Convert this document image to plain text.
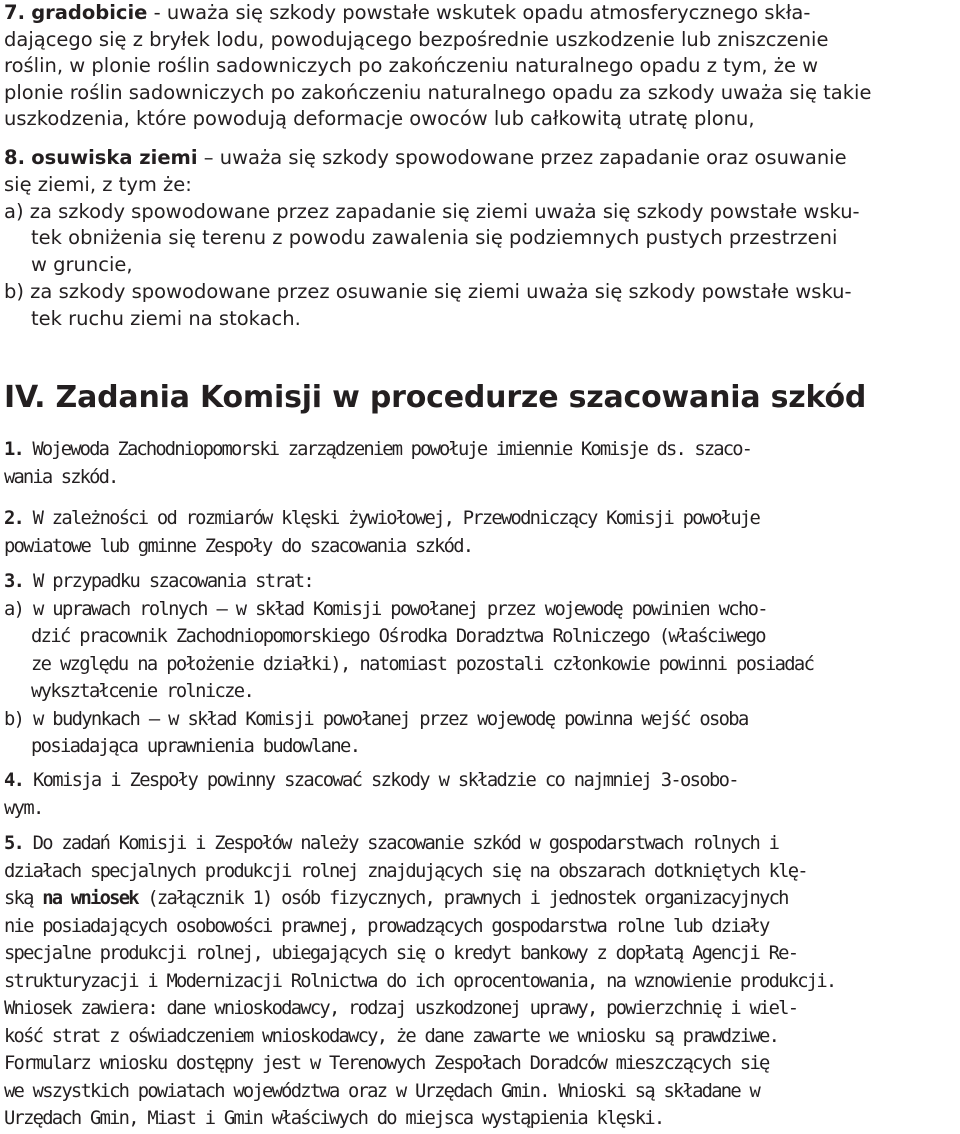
7. gradobicie - uważa się szkody powstałe wskutek opadu atmosferycznego skła-
dającego się z bryłek lodu, powodującego bezpośrednie uszkodzenie lub zniszczenie
roślin, w plonie roślin sadowniczych po zakończeniu naturalnego opadu z tym, że w
plonie roślin sadowniczych po zakończeniu naturalnego opadu za szkody uważa się takie
uszkodzenia, które powodują deformacje owoców lub całkowitą utratę plonu,
8. osuwiska ziemi – uważa się szkody spowodowane przez zapadanie oraz osuwanie
się ziemi, z tym że:
a) za szkody spowodowane przez zapadanie się ziemi uważa się szkody powstałe wsku-
tek obniżenia się terenu z powodu zawalenia się podziemnych pustych przestrzeni
w gruncie,
b) za szkody spowodowane przez osuwanie się ziemi uważa się szkody powstałe wsku-
tek ruchu ziemi na stokach.
IV. Zadania Komisji w procedurze szacowania szkód
1. Wojewoda Zachodniopomorski zarządzeniem powołuje imiennie Komisje ds. szaco-
wania szkód.
2. W zależności od rozmiarów klęski żywiołowej, Przewodniczący Komisji powołuje
powiatowe lub gminne Zespoły do szacowania szkód.
3. W przypadku szacowania strat:
a) w uprawach rolnych – w skład Komisji powołanej przez wojewodę powinien wcho-
dzić pracownik Zachodniopomorskiego Ośrodka Doradztwa Rolniczego (właściwego
ze względu na położenie działki), natomiast pozostali członkowie powinni posiadać
wykształcenie rolnicze.
b) w budynkach – w skład Komisji powołanej przez wojewodę powinna wejść osoba
posiadająca uprawnienia budowlane.
4. Komisja i Zespoły powinny szacować szkody w składzie co najmniej 3-osobo-
wym.
5. Do zadań Komisji i Zespołów należy szacowanie szkód w gospodarstwach rolnych i
działach specjalnych produkcji rolnej znajdujących się na obszarach dotkniętych klę-
ską na wniosek (załącznik 1) osób fizycznych, prawnych i jednostek organizacyjnych
nie posiadających osobowości prawnej, prowadzących gospodarstwa rolne lub działy
specjalne produkcji rolnej, ubiegających się o kredyt bankowy z dopłatą Agencji Re-
strukturyzacji i Modernizacji Rolnictwa do ich oprocentowania, na wznowienie produkcji.
Wniosek zawiera: dane wnioskodawcy, rodzaj uszkodzonej uprawy, powierzchnię i wiel-
kość strat z oświadczeniem wnioskodawcy, że dane zawarte we wniosku są prawdziwe.
Formularz wniosku dostępny jest w Terenowych Zespołach Doradców mieszczących się
we wszystkich powiatach województwa oraz w Urzędach Gmin. Wnioski są składane w
Urzędach Gmin, Miast i Gmin właściwych do miejsca wystąpienia klęski.
